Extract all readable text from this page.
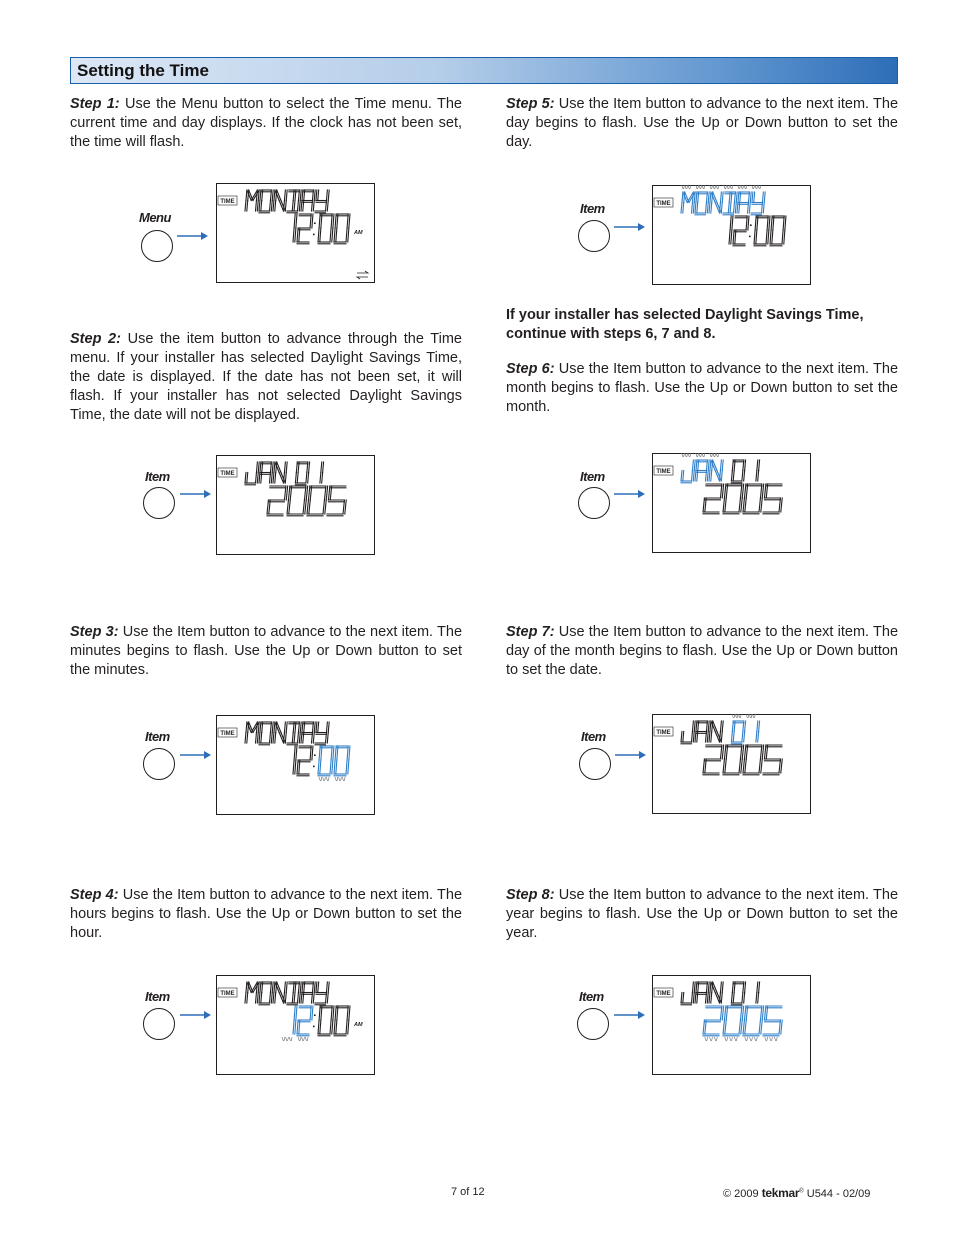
Setting the Time
Step 1: Use the Menu button to select the Time menu. The current time and day displays. If the clock has not been set, the time will flash.
Step 2: Use the item button to advance through the Time menu. If your installer has selected Daylight Savings Time, the date is displayed. If the date has not been set, it will flash. If your installer has not selected Daylight Savings Time, the date will not be displayed.
Step 3: Use the Item button to advance to the next item. The minutes begins to flash. Use the Up or Down button to set the minutes.
Step 4: Use the Item button to advance to the next item. The hours begins to flash. Use the Up or Down button to set the hour.
Step 5: Use the Item button to advance to the next item. The day begins to flash. Use the Up or Down button to set the day.
If your installer has selected Daylight Savings Time, continue with steps 6, 7 and 8.
Step 6: Use the Item button to advance to the next item. The month begins to flash. Use the Up or Down button to set the month.
Step 7: Use the Item button to advance to the next item. The day of the month begins to flash. Use the Up or Down button to set the date.
Step 8: Use the Item button to advance to the next item. The year begins to flash. Use the Up or Down button to set the year.
Menu
TIME
AM
Item	TIME
Item	TIME
Item	TIME
AM
Item	TIME
Item	TIME
Item	TIME
Item	TIME
7 of 12	© 2009 tekmar® U544 - 02/09
